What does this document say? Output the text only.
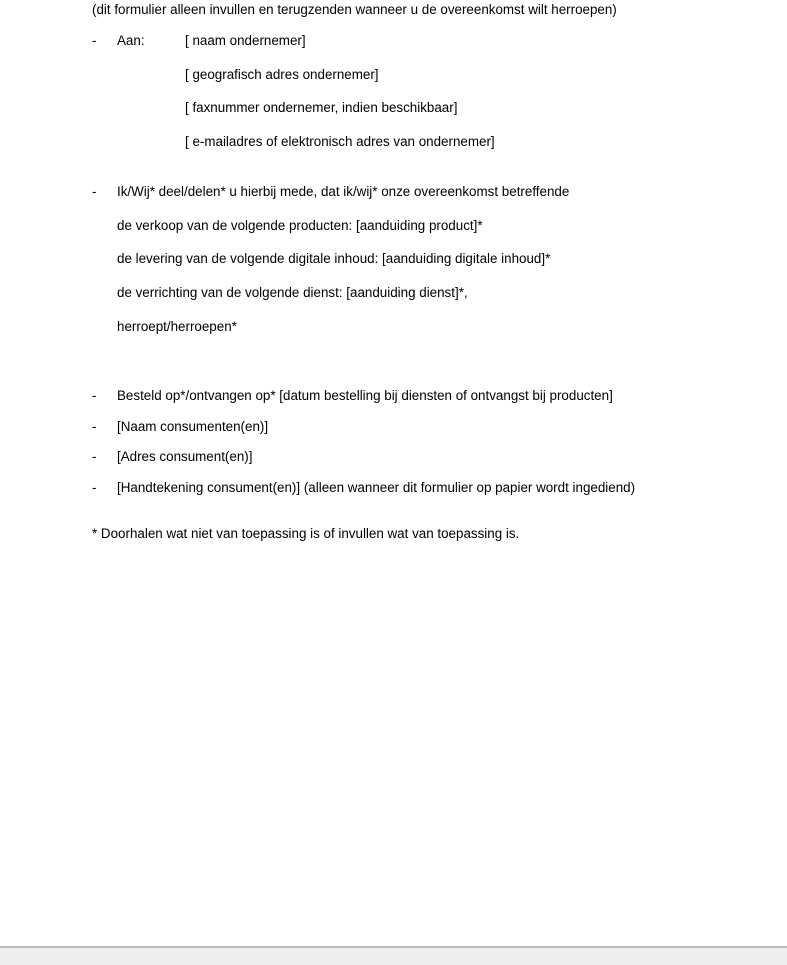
(dit formulier alleen invullen en terugzenden wanneer u de overeenkomst wilt herroepen)
- Aan:	[ naam ondernemer]
[ geografisch adres ondernemer]
[ faxnummer ondernemer, indien beschikbaar]
[ e-mailadres of elektronisch adres van ondernemer]
- Ik/Wij* deel/delen* u hierbij mede, dat ik/wij* onze overeenkomst betreffende
de verkoop van de volgende producten: [aanduiding product]*
de levering van de volgende digitale inhoud: [aanduiding digitale inhoud]*
de verrichting van de volgende dienst: [aanduiding dienst]*,
herroept/herroepen*
- Besteld op*/ontvangen op* [datum bestelling bij diensten of ontvangst bij producten]
- [Naam consumenten(en)]
- [Adres consument(en)]
- [Handtekening consument(en)] (alleen wanneer dit formulier op papier wordt ingediend)
* Doorhalen wat niet van toepassing is of invullen wat van toepassing is.
